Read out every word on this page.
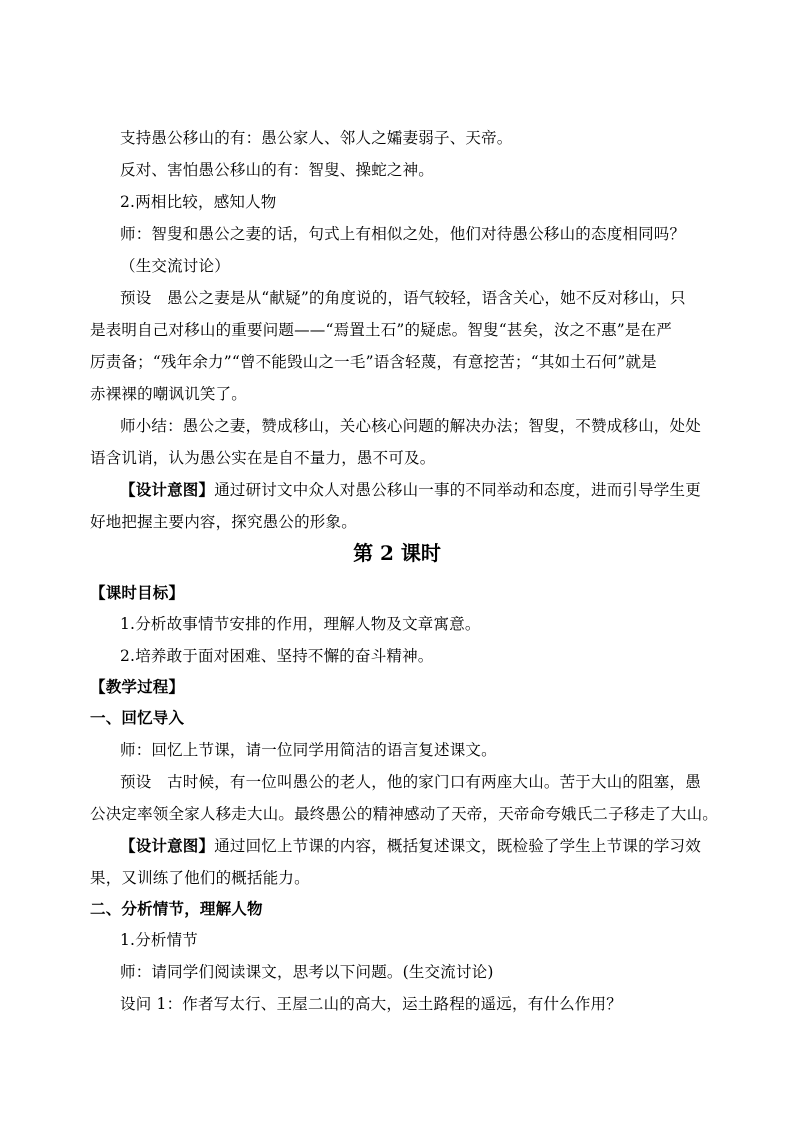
支持愚公移山的有：愚公家人、邻人之孀妻弱子、天帝。
反对、害怕愚公移山的有：智叟、操蛇之神。
2.两相比较，感知人物
师：智叟和愚公之妻的话，句式上有相似之处，他们对待愚公移山的态度相同吗？
（生交流讨论）
预设　愚公之妻是从“献疑”的角度说的，语气较轻，语含关心，她不反对移山，只
是表明自己对移山的重要问题——“焉置土石”的疑虑。智叟“甚矣，汝之不惠”是在严
厉责备；“残年余力”“曾不能毁山之一毛”语含轻蔑，有意挖苦；“其如土石何”就是
赤裸裸的嘲讽讥笑了。
师小结：愚公之妻，赞成移山，关心核心问题的解决办法；智叟，不赞成移山，处处
语含讥诮，认为愚公实在是自不量力，愚不可及。
【设计意图】通过研讨文中众人对愚公移山一事的不同举动和态度，进而引导学生更
好地把握主要内容，探究愚公的形象。
第 2 课时
【课时目标】
1.分析故事情节安排的作用，理解人物及文章寓意。
2.培养敢于面对困难、坚持不懈的奋斗精神。
【教学过程】
一、回忆导入
师：回忆上节课，请一位同学用简洁的语言复述课文。
预设　古时候，有一位叫愚公的老人，他的家门口有两座大山。苦于大山的阻塞，愚
公决定率领全家人移走大山。最终愚公的精神感动了天帝，天帝命夸娥氏二子移走了大山。
【设计意图】通过回忆上节课的内容，概括复述课文，既检验了学生上节课的学习效
果，又训练了他们的概括能力。
二、分析情节，理解人物
1.分析情节
师：请同学们阅读课文，思考以下问题。(生交流讨论)
设问 1：作者写太行、王屋二山的高大，运土路程的遥远，有什么作用？
